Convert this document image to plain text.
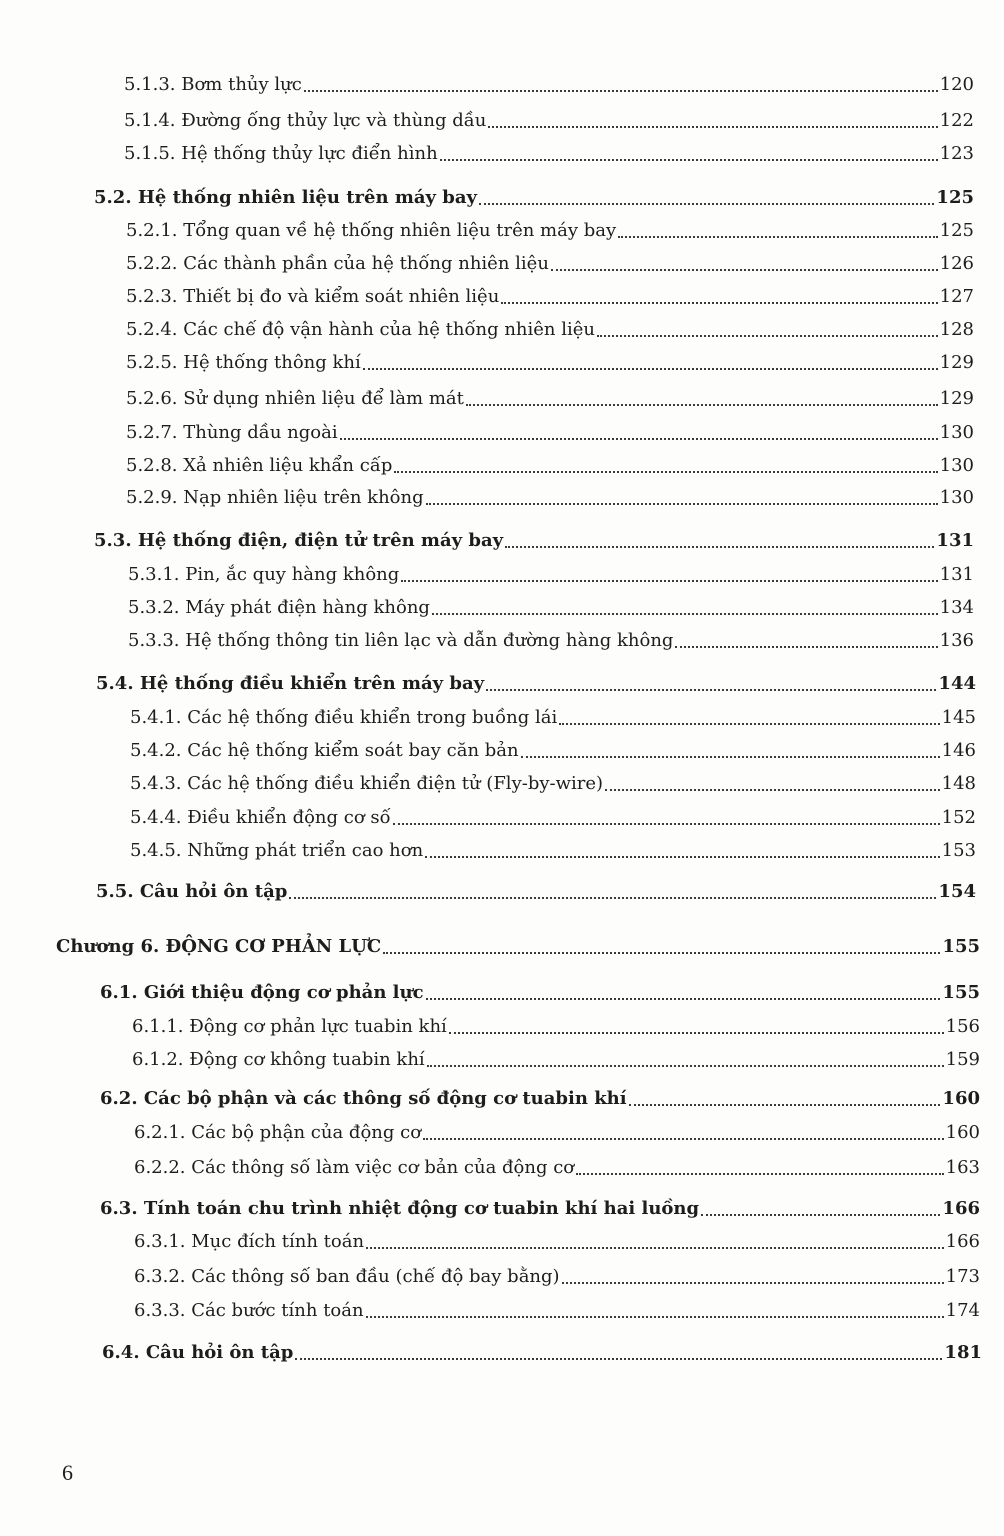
5.1.3. Bơm thủy lực	120
5.1.4. Đường ống thủy lực và thùng dầu	122
5.1.5. Hệ thống thủy lực điển hình	123
5.2. Hệ thống nhiên liệu trên máy bay	125
5.2.1. Tổng quan về hệ thống nhiên liệu trên máy bay	125
5.2.2. Các thành phần của hệ thống nhiên liệu	126
5.2.3. Thiết bị đo và kiểm soát nhiên liệu	127
5.2.4. Các chế độ vận hành của hệ thống nhiên liệu	128
5.2.5. Hệ thống thông khí	129
5.2.6. Sử dụng nhiên liệu để làm mát	129
5.2.7. Thùng dầu ngoài	130
5.2.8. Xả nhiên liệu khẩn cấp	130
5.2.9. Nạp nhiên liệu trên không	130
5.3. Hệ thống điện, điện tử trên máy bay	131
5.3.1. Pin, ắc quy hàng không	131
5.3.2. Máy phát điện hàng không	134
5.3.3. Hệ thống thông tin liên lạc và dẫn đường hàng không	136
5.4. Hệ thống điều khiển trên máy bay	144
5.4.1. Các hệ thống điều khiển trong buồng lái	145
5.4.2. Các hệ thống kiểm soát bay căn bản	146
5.4.3. Các hệ thống điều khiển điện tử (Fly-by-wire)	148
5.4.4. Điều khiển động cơ số	152
5.4.5. Những phát triển cao hơn	153
5.5. Câu hỏi ôn tập	154
Chương 6. ĐỘNG CƠ PHẢN LỰC	155
6.1. Giới thiệu động cơ phản lực	155
6.1.1. Động cơ phản lực tuabin khí	156
6.1.2. Động cơ không tuabin khí	159
6.2. Các bộ phận và các thông số động cơ tuabin khí	160
6.2.1. Các bộ phận của động cơ	160
6.2.2. Các thông số làm việc cơ bản của động cơ	163
6.3. Tính toán chu trình nhiệt động cơ tuabin khí hai luồng	166
6.3.1. Mục đích tính toán	166
6.3.2. Các thông số ban đầu (chế độ bay bằng)	173
6.3.3. Các bước tính toán	174
6.4. Câu hỏi ôn tập	181
6
